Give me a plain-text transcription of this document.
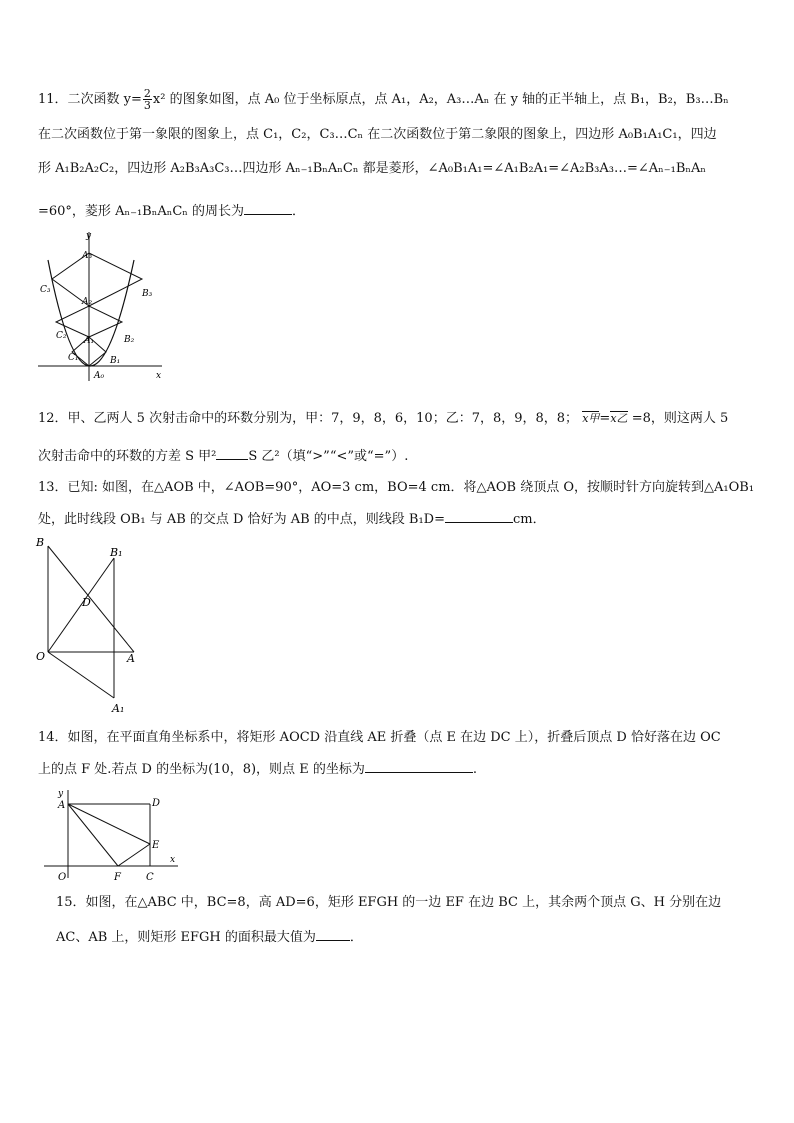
11．二次函数 $y= \frac{2}{3} x^2$ 的图象如图，点 A₀ 位于坐标原点，点 A₁，A₂，A₃…Aₙ 在 y 轴的正半轴上，点 B₁，B₂，B₃…Bₙ
在二次函数位于第一象限的图象上，点 C₁，C₂，C₃…Cₙ 在二次函数位于第二象限的图象上，四边形 A₀B₁A₁C₁，四边
形 A₁B₂A₂C₂，四边形 A₂B₃A₃C₃…四边形 Aₙ₋₁BₙAₙCₙ 都是菱形，∠A₀B₁A₁=∠A₁B₂A₁=∠A₂B₃A₃…=∠Aₙ₋₁BₙAₙ
=60°，菱形 Aₙ₋₁BₙAₙCₙ 的周长为	．
y
x
A₃
A₂
A₁
A₀
B₃
B₂
B₁
C₃
C₂
C₁
12．甲、乙两人 5 次射击命中的环数分别为，甲：7，9，8，6，10；乙：7，8，9，8，8； x甲=x乙 =8，则这两人 5
次射击命中的环数的方差 S 甲² S 乙²（填“>”“<”或“=”）.
13．已知: 如图，在△AOB 中，∠AOB=90°，AO=3 cm，BO=4 cm．将△AOB 绕顶点 O，按顺时针方向旋转到△A₁OB₁
处，此时线段 OB₁ 与 AB 的交点 D 恰好为 AB 的中点，则线段 B₁D=	cm．
B
B₁
D
O	A
A₁
14．如图，在平面直角坐标系中，将矩形 AOCD 沿直线 AE 折叠（点 E 在边 DC 上），折叠后顶点 D 恰好落在边 OC
上的点 F 处.若点 D 的坐标为(10，8)，则点 E 的坐标为	.
y
x
A	D
E
O	F	C
15．如图，在△ABC 中，BC=8，高 AD=6，矩形 EFGH 的一边 EF 在边 BC 上，其余两个顶点 G、H 分别在边
AC、AB 上，则矩形 EFGH 的面积最大值为	．
